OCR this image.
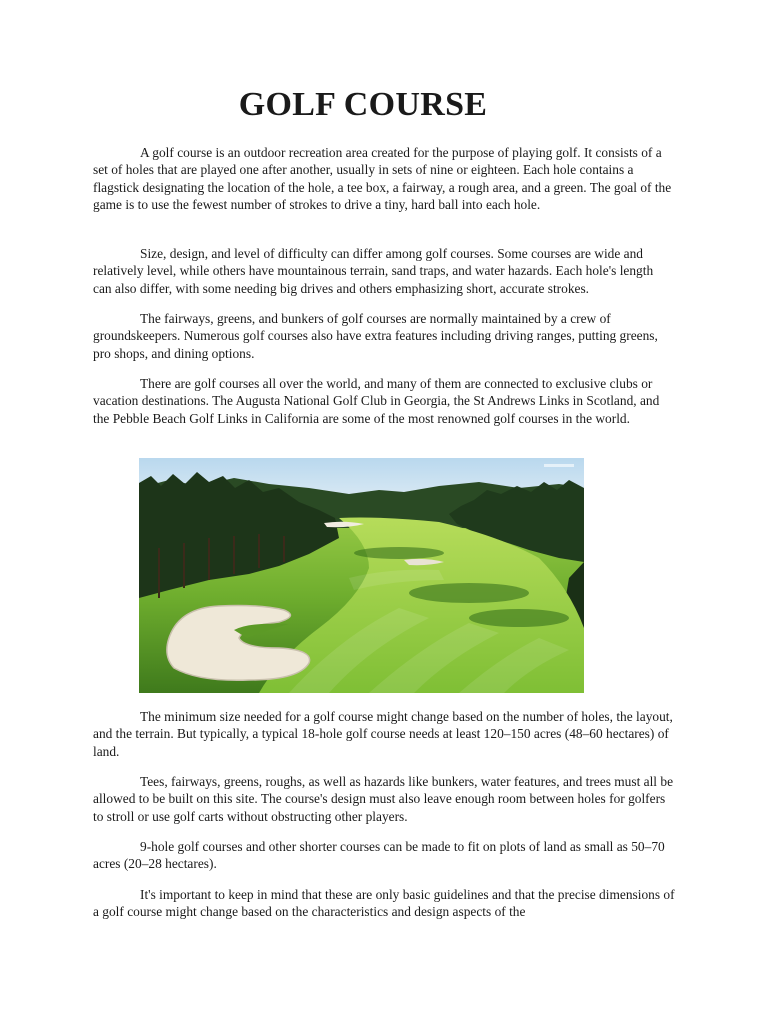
GOLF COURSE

A golf course is an outdoor recreation area created for the purpose of playing golf. It consists of a set of holes that are played one after another, usually in sets of nine or eighteen. Each hole contains a flagstick designating the location of the hole, a tee box, a fairway, a rough area, and a green. The goal of the game is to use the fewest number of strokes to drive a tiny, hard ball into each hole.

Size, design, and level of difficulty can differ among golf courses. Some courses are wide and relatively level, while others have mountainous terrain, sand traps, and water hazards. Each hole's length can also differ, with some needing big drives and others emphasizing short, accurate strokes.

The fairways, greens, and bunkers of golf courses are normally maintained by a crew of groundskeepers. Numerous golf courses also have extra features including driving ranges, putting greens, pro shops, and dining options.

There are golf courses all over the world, and many of them are connected to exclusive clubs or vacation destinations. The Augusta National Golf Club in Georgia, the St Andrews Links in Scotland, and the Pebble Beach Golf Links in California are some of the most renowned golf courses in the world.

The minimum size needed for a golf course might change based on the number of holes, the layout, and the terrain. But typically, a typical 18-hole golf course needs at least 120–150 acres (48–60 hectares) of land.

Tees, fairways, greens, roughs, as well as hazards like bunkers, water features, and trees must all be allowed to be built on this site. The course's design must also leave enough room between holes for golfers to stroll or use golf carts without obstructing other players.

9-hole golf courses and other shorter courses can be made to fit on plots of land as small as 50–70 acres (20–28 hectares).

It's important to keep in mind that these are only basic guidelines and that the precise dimensions of a golf course might change based on the characteristics and design aspects of the
